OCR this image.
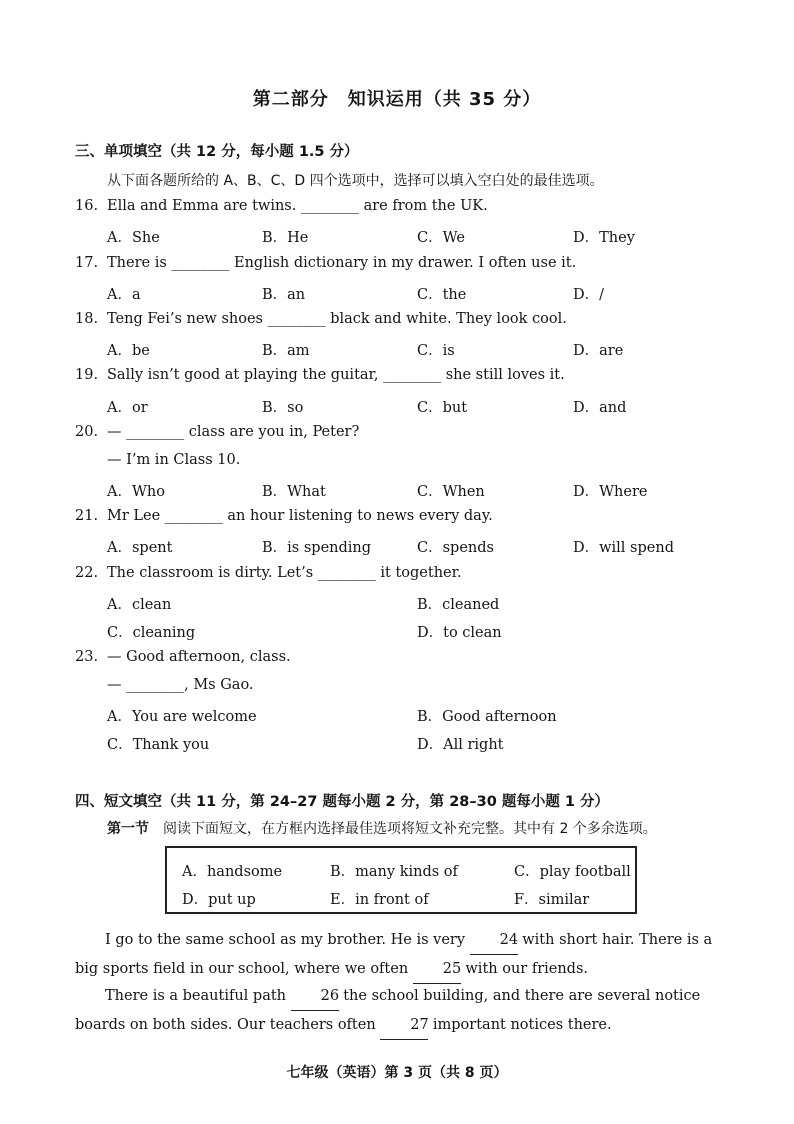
第二部分　知识运用（共 35 分）
三、单项填空（共 12 分，每小题 1.5 分）
从下面各题所给的 A、B、C、D 四个选项中，选择可以填入空白处的最佳选项。
16. Ella and Emma are twins. ________ are from the UK.
A．She	B．He	C．We	D．They
17. There is ________ English dictionary in my drawer. I often use it.
A．a	B．an	C．the	D．/
18. Teng Fei’s new shoes ________ black and white. They look cool.
A．be	B．am	C．is	D．are
19. Sally isn’t good at playing the guitar, ________ she still loves it.
A．or	B．so	C．but	D．and
20. — ________ class are you in, Peter?
— I’m in Class 10.
A．Who	B．What	C．When	D．Where
21. Mr Lee ________ an hour listening to news every day.
A．spent	B．is spending	C．spends	D．will spend
22. The classroom is dirty. Let’s ________ it together.
A．clean	B．cleaned
C．cleaning	D．to clean
23. — Good afternoon, class.
— ________, Ms Gao.
A．You are welcome	B．Good afternoon
C．Thank you	D．All right
四、短文填空（共 11 分，第 24–27 题每小题 2 分，第 28–30 题每小题 1 分）
第一节 阅读下面短文，在方框内选择最佳选项将短文补充完整。其中有 2 个多余选项。
A．handsome	B．many kinds of	C．play football
D．put up	E．in front of	F．similar
I go to the same school as my brother. He is very 24 with short hair. There is a big sports field in our school, where we often 25 with our friends.
There is a beautiful path 26 the school building, and there are several notice boards on both sides. Our teachers often 27 important notices there.
七年级（英语）第 3 页（共 8 页）
